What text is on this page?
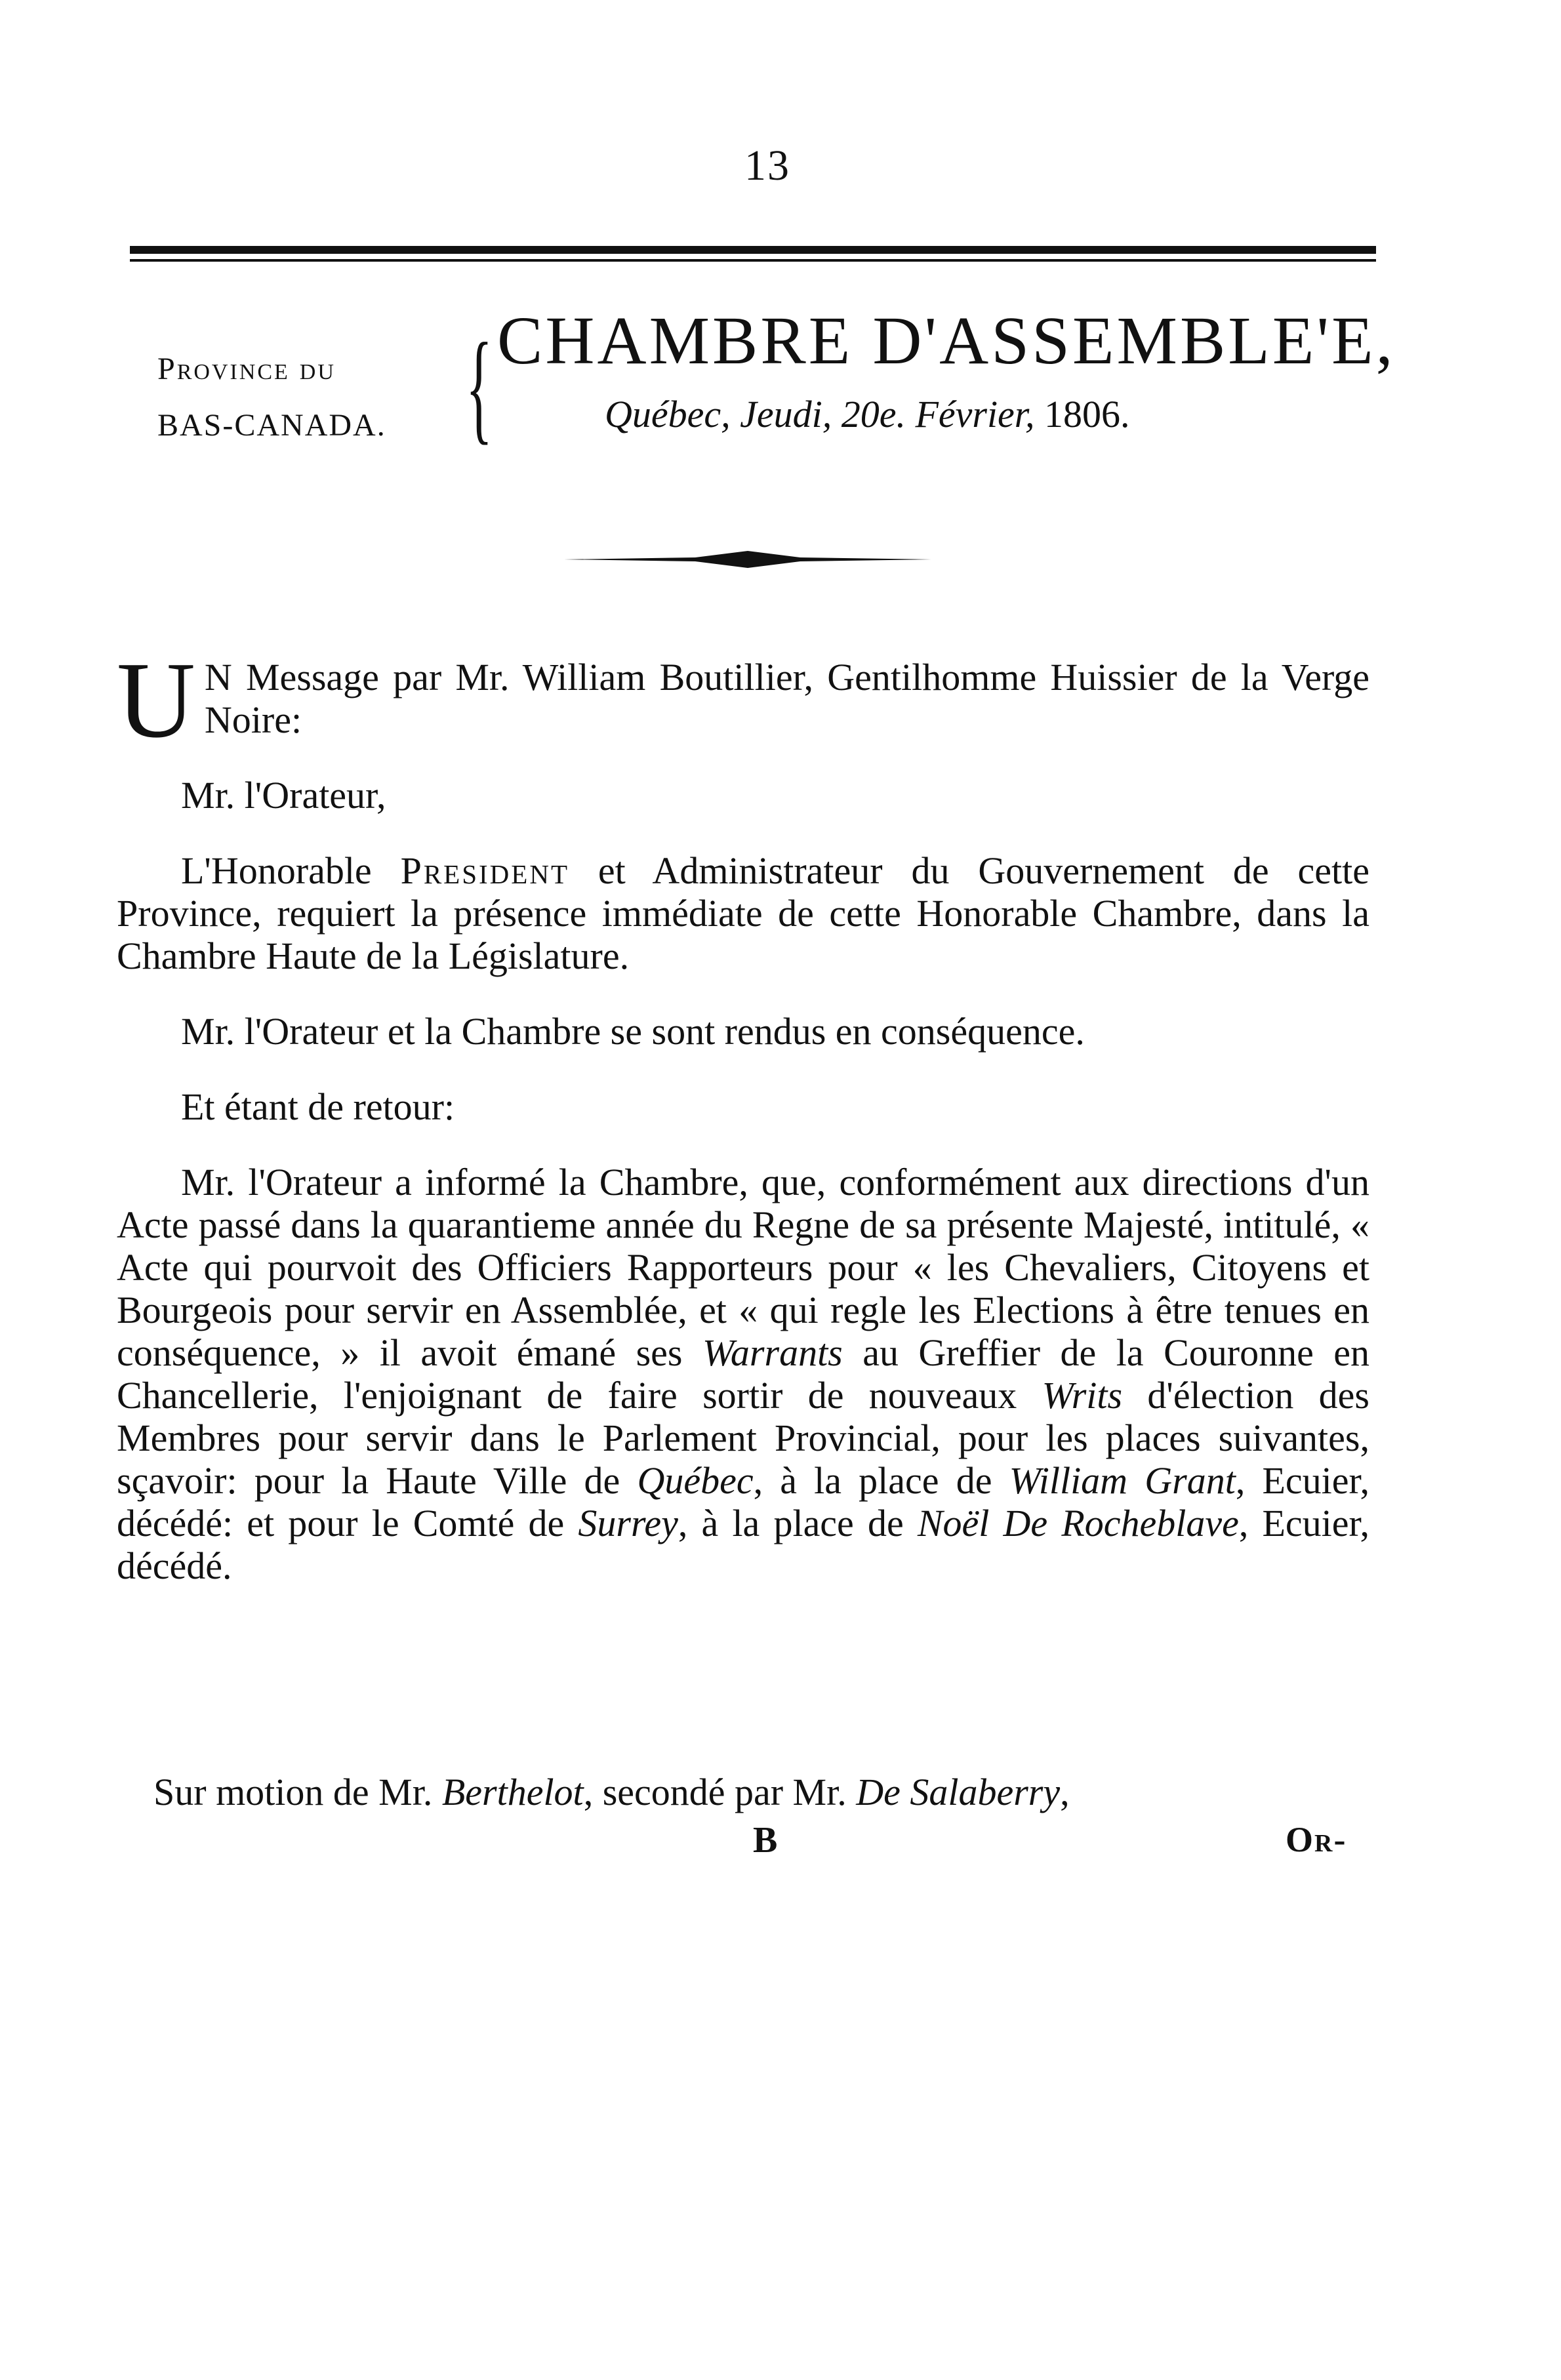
13
Province du
BAS-CANADA. { CHAMBRE D'ASSEMBLE'E,
Québec, Jeudi, 20e. Février, 1806.

U N Message par Mr. William Boutillier, Gentilhomme Huissier de la Verge Noire:

Mr. l'Orateur,

L'Honorable President et Administrateur du Gouvernement de cette Province, requiert la présence immédiate de cette Honorable Chambre, dans la Chambre Haute de la Législature.

Mr. l'Orateur et la Chambre se sont rendus en conséquence.

Et étant de retour:

Mr. l'Orateur a informé la Chambre, que, conformément aux directions d'un Acte passé dans la quarantieme année du Regne de sa présente Majesté, intitulé, « Acte qui pourvoit des Officiers Rapporteurs pour « les Chevaliers, Citoyens et Bourgeois pour servir en Assemblée, et « qui regle les Elections à être tenues en conséquence, » il avoit émané ses Warrants au Greffier de la Couronne en Chancellerie, l'enjoignant de faire sortir de nouveaux Writs d'élection des Membres pour servir dans le Parlement Provincial, pour les places suivantes, sçavoir: pour la Haute Ville de Québec, à la place de William Grant, Ecuier, décédé: et pour le Comté de Surrey, à la place de Noël De Rocheblave, Ecuier, décédé.

Sur motion de Mr. Berthelot, secondé par Mr. De Salaberry,
B	Or-
